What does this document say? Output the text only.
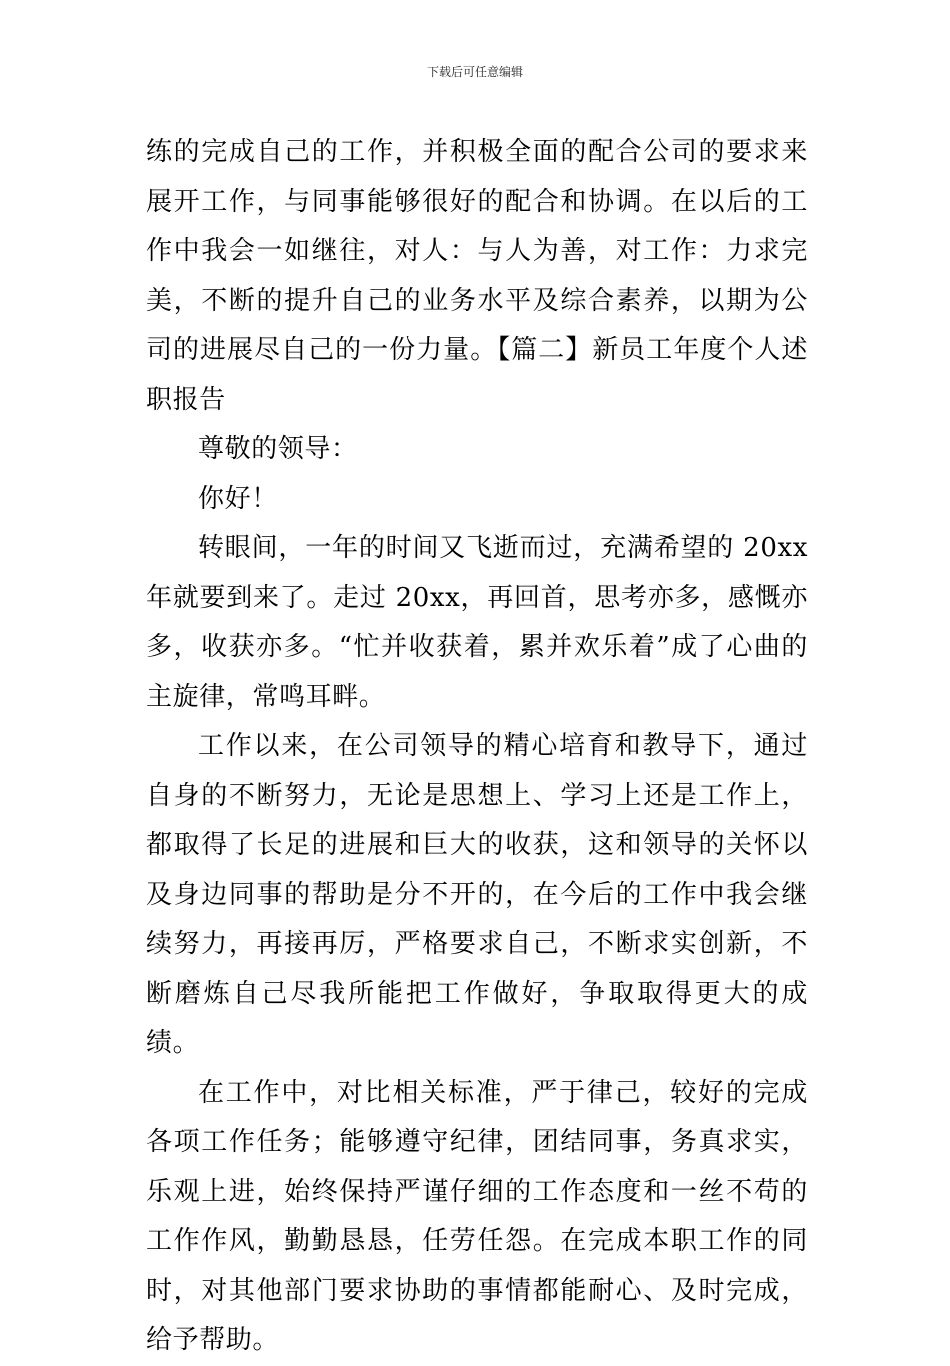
下载后可任意编辑

练的完成自己的工作，并积极全面的配合公司的要求来展开工作，与同事能够很好的配合和协调。在以后的工作中我会一如继往，对人：与人为善，对工作：力求完美，不断的提升自己的业务水平及综合素养，以期为公司的进展尽自己的一份力量。【篇二】新员工年度个人述职报告

尊敬的领导：

你好！

转眼间，一年的时间又飞逝而过，充满希望的 20xx 年就要到来了。走过 20xx，再回首，思考亦多，感慨亦多，收获亦多。“忙并收获着，累并欢乐着”成了心曲的主旋律，常鸣耳畔。

工作以来，在公司领导的精心培育和教导下，通过自身的不断努力，无论是思想上、学习上还是工作上，都取得了长足的进展和巨大的收获，这和领导的关怀以及身边同事的帮助是分不开的，在今后的工作中我会继续努力，再接再厉，严格要求自己，不断求实创新，不断磨炼自己尽我所能把工作做好，争取取得更大的成绩。

在工作中，对比相关标准，严于律己，较好的完成各项工作任务；能够遵守纪律，团结同事，务真求实，乐观上进，始终保持严谨仔细的工作态度和一丝不苟的工作作风，勤勤恳恳，任劳任怨。在完成本职工作的同时，对其他部门要求协助的事情都能耐心、及时完成，给予帮助。
